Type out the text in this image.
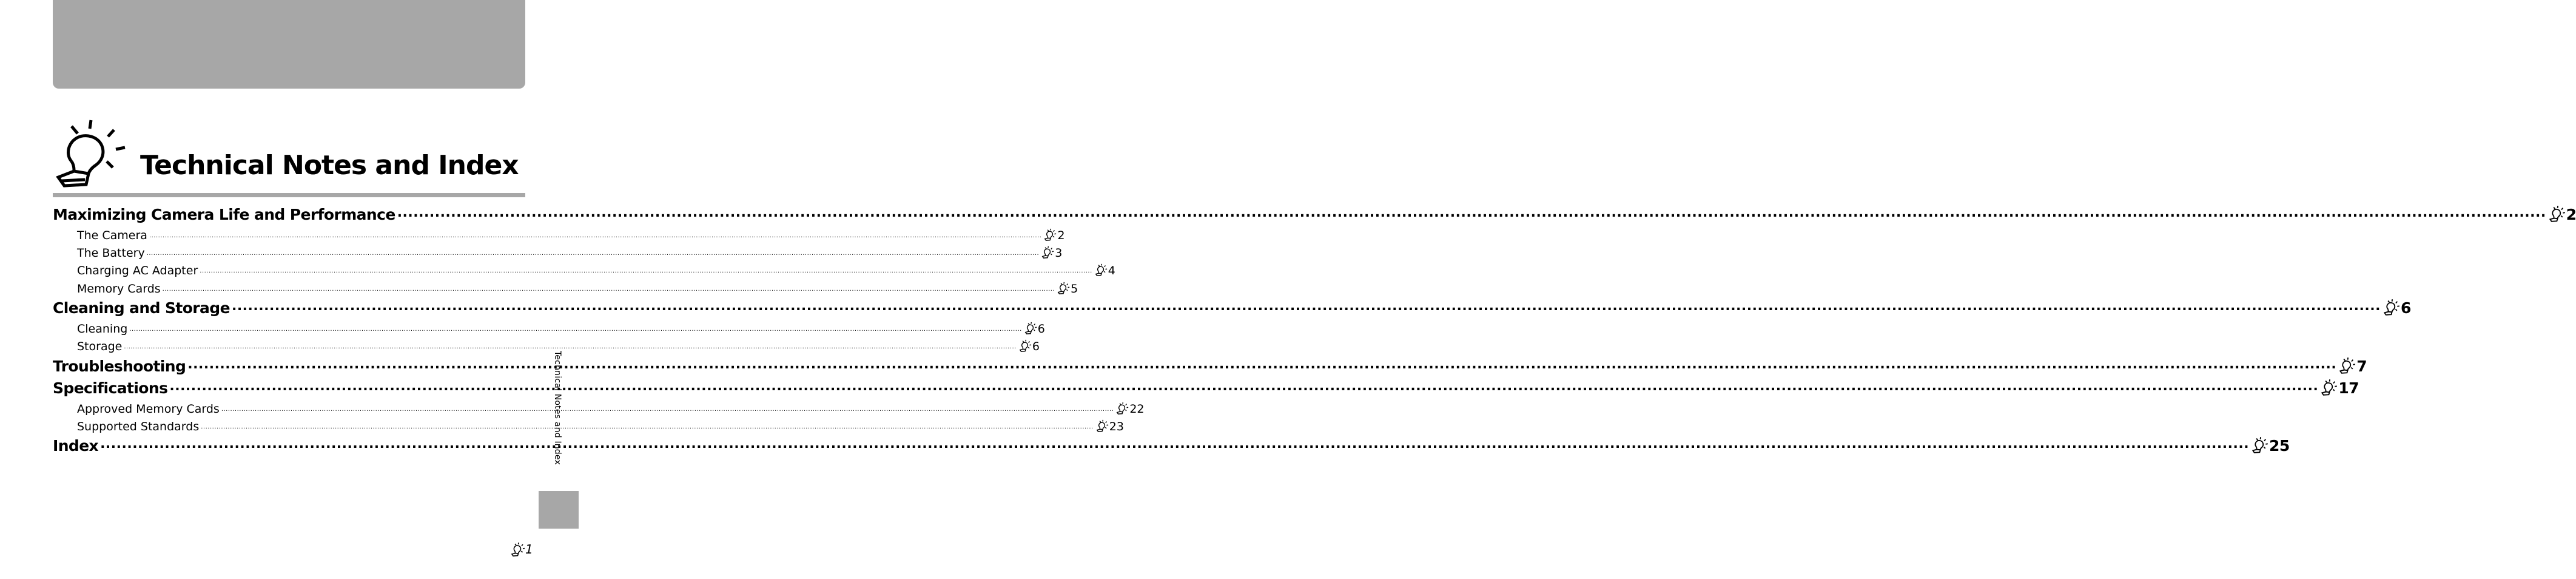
Technical Notes and Index
Maximizing Camera Life and Performance ................................................................................................................................................................................................................................................................................................................................................................................................................ 2
The Camera ................................................................................................................................................................................................................................................................................................................................................................................................................ 2
The Battery ................................................................................................................................................................................................................................................................................................................................................................................................................ 3
Charging AC Adapter ................................................................................................................................................................................................................................................................................................................................................................................................................ 4
Memory Cards ................................................................................................................................................................................................................................................................................................................................................................................................................ 5
Cleaning and Storage ................................................................................................................................................................................................................................................................................................................................................................................................................ 6
Cleaning ................................................................................................................................................................................................................................................................................................................................................................................................................ 6
Storage ................................................................................................................................................................................................................................................................................................................................................................................................................ 6
Troubleshooting ................................................................................................................................................................................................................................................................................................................................................................................................................ 7
Specifications ................................................................................................................................................................................................................................................................................................................................................................................................................ 17
Approved Memory Cards ................................................................................................................................................................................................................................................................................................................................................................................................................ 22
Supported Standards ................................................................................................................................................................................................................................................................................................................................................................................................................ 23
Index ................................................................................................................................................................................................................................................................................................................................................................................................................ 25
Technical Notes and Index
1
